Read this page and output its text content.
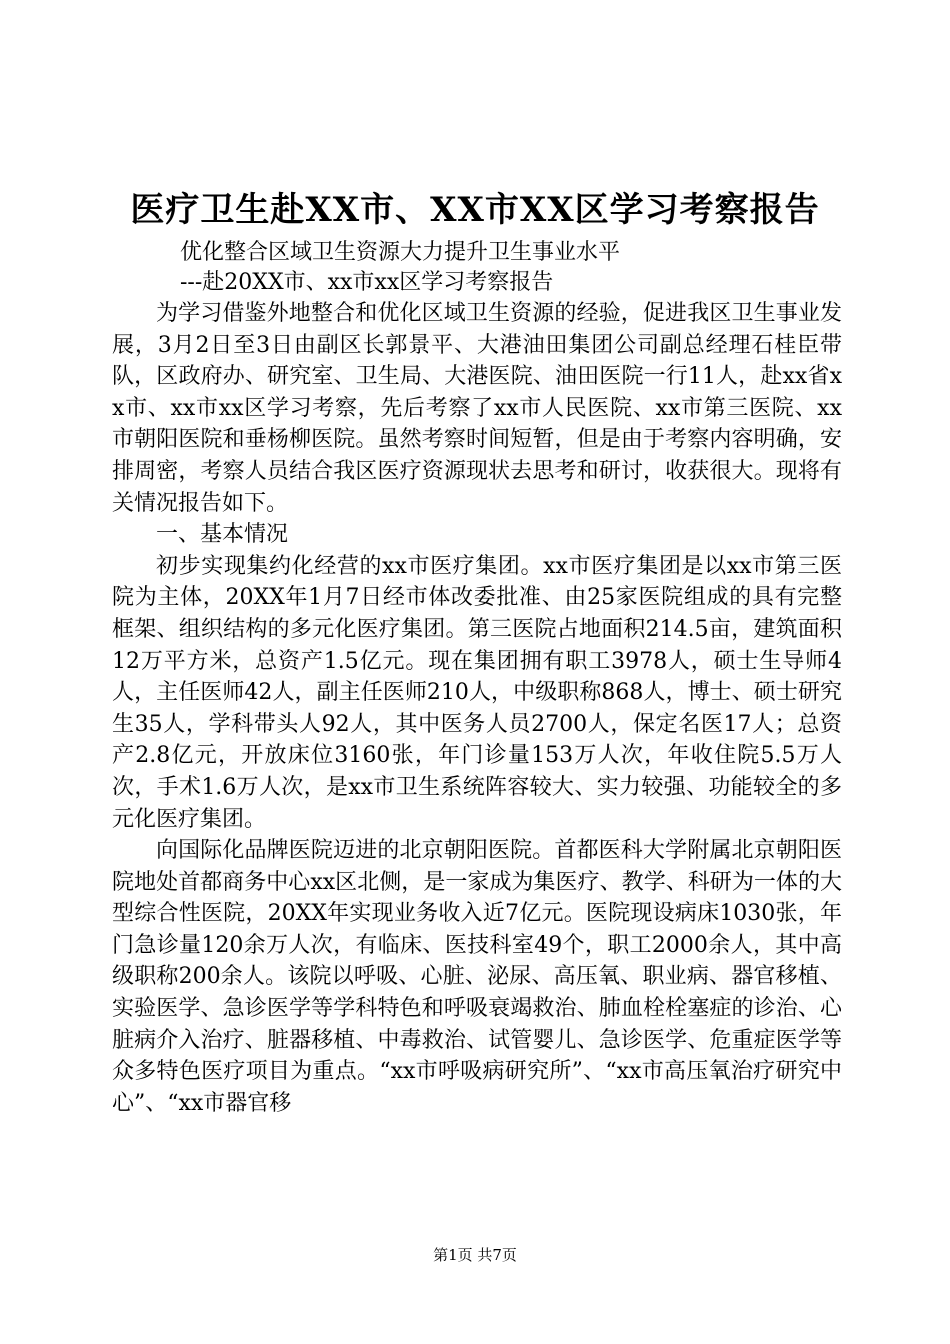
医疗卫生赴XX市、XX市XX区学习考察报告
优化整合区域卫生资源大力提升卫生事业水平
---赴20XX市、xx市xx区学习考察报告

为学习借鉴外地整合和优化区域卫生资源的经验，促进我区卫生事业发展，3月2日至3日由副区长郭景平、大港油田集团公司副总经理石桂臣带队，区政府办、研究室、卫生局、大港医院、油田医院一行11人，赴xx省xx市、xx市xx区学习考察，先后考察了xx市人民医院、xx市第三医院、xx市朝阳医院和垂杨柳医院。虽然考察时间短暂，但是由于考察内容明确，安排周密，考察人员结合我区医疗资源现状去思考和研讨，收获很大。现将有关情况报告如下。

一、基本情况

初步实现集约化经营的xx市医疗集团。xx市医疗集团是以xx市第三医院为主体，20XX年1月7日经市体改委批准、由25家医院组成的具有完整框架、组织结构的多元化医疗集团。第三医院占地面积214.5亩，建筑面积12万平方米，总资产1.5亿元。现在集团拥有职工3978人，硕士生导师4人，主任医师42人，副主任医师210人，中级职称868人，博士、硕士研究生35人，学科带头人92人，其中医务人员2700人，保定名医17人；总资产2.8亿元，开放床位3160张，年门诊量153万人次，年收住院5.5万人次，手术1.6万人次，是xx市卫生系统阵容较大、实力较强、功能较全的多元化医疗集团。

向国际化品牌医院迈进的北京朝阳医院。首都医科大学附属北京朝阳医院地处首都商务中心xx区北侧，是一家成为集医疗、教学、科研为一体的大型综合性医院，20XX年实现业务收入近7亿元。医院现设病床1030张，年门急诊量120余万人次，有临床、医技科室49个，职工2000余人，其中高级职称200余人。该院以呼吸、心脏、泌尿、高压氧、职业病、器官移植、实验医学、急诊医学等学科特色和呼吸衰竭救治、肺血栓栓塞症的诊治、心脏病介入治疗、脏器移植、中毒救治、试管婴儿、急诊医学、危重症医学等众多特色医疗项目为重点。“xx市呼吸病研究所”、“xx市高压氧治疗研究中心”、“xx市器官移

第1页 共7页
